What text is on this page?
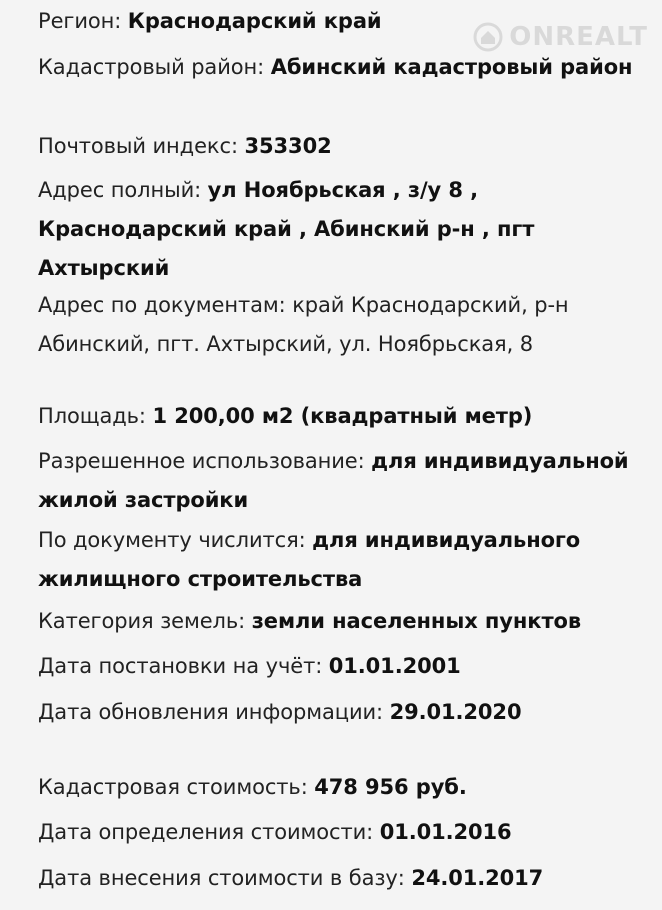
ONREALT
Регион: Краснодарский край
Кадастровый район: Абинский кадастровый район
Почтовый индекс: 353302
Адрес полный: ул Ноябрьская , з/у 8 , Краснодарский край , Абинский р-н , пгт Ахтырский
Адрес по документам: край Краснодарский, р-н Абинский, пгт. Ахтырский, ул. Ноябрьская, 8
Площадь: 1 200,00 м2 (квадратный метр)
Разрешенное использование: для индивидуальной жилой застройки
По документу числится: для индивидуального жилищного строительства
Категория земель: земли населенных пунктов
Дата постановки на учёт: 01.01.2001
Дата обновления информации: 29.01.2020
Кадастровая стоимость: 478 956 руб.
Дата определения стоимости: 01.01.2016
Дата внесения стоимости в базу: 24.01.2017
